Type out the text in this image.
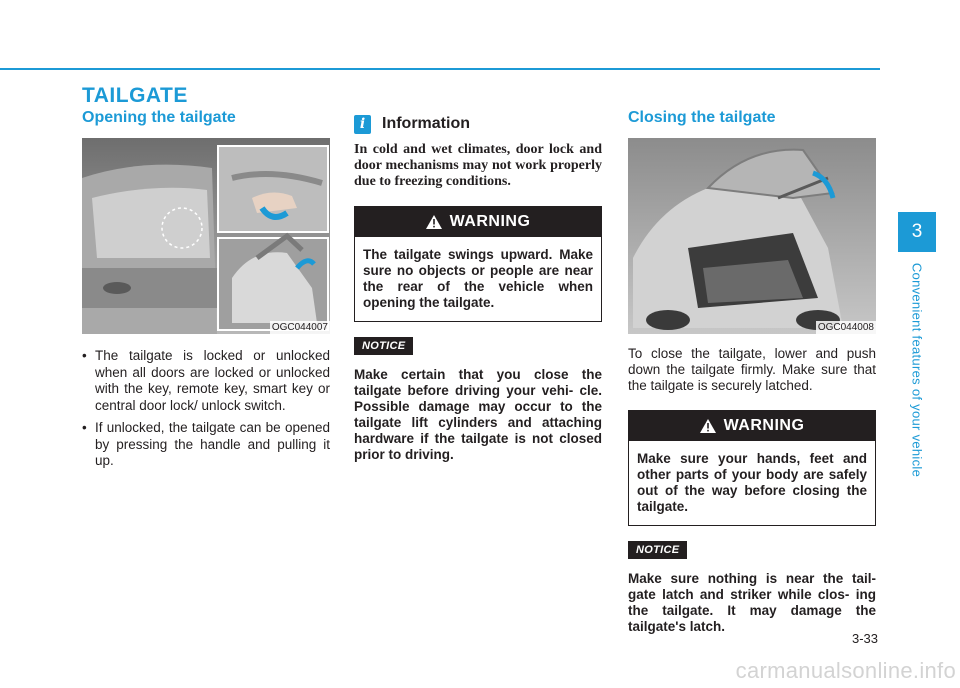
TAILGATE
Opening the tailgate
OGC044007
• The tailgate is locked or unlocked when all doors are locked or unlocked with the key, remote key, smart key or central door lock/ unlock switch.
• If unlocked, the tailgate can be opened by pressing the handle and pulling it up.
i	Information

In cold and wet climates, door lock and door mechanisms may not work properly due to freezing conditions.

WARNING
The tailgate swings upward. Make sure no objects or people are near the rear of the vehicle when opening the tailgate.
NOTICE

Make certain that you close the tailgate before driving your vehi- cle. Possible damage may occur to the tailgate lift cylinders and attaching hardware if the tailgate is not closed prior to driving.

Closing the tailgate
OGC044008

To close the tailgate, lower and push down the tailgate firmly. Make sure that the tailgate is securely latched.

WARNING
Make sure your hands, feet and other parts of your body are safely out of the way before closing the tailgate.
NOTICE

Make sure nothing is near the tail- gate latch and striker while clos- ing the tailgate. It may damage the tailgate's latch.

3
Convenient features of your vehicle
3-33
carmanualsonline.info
